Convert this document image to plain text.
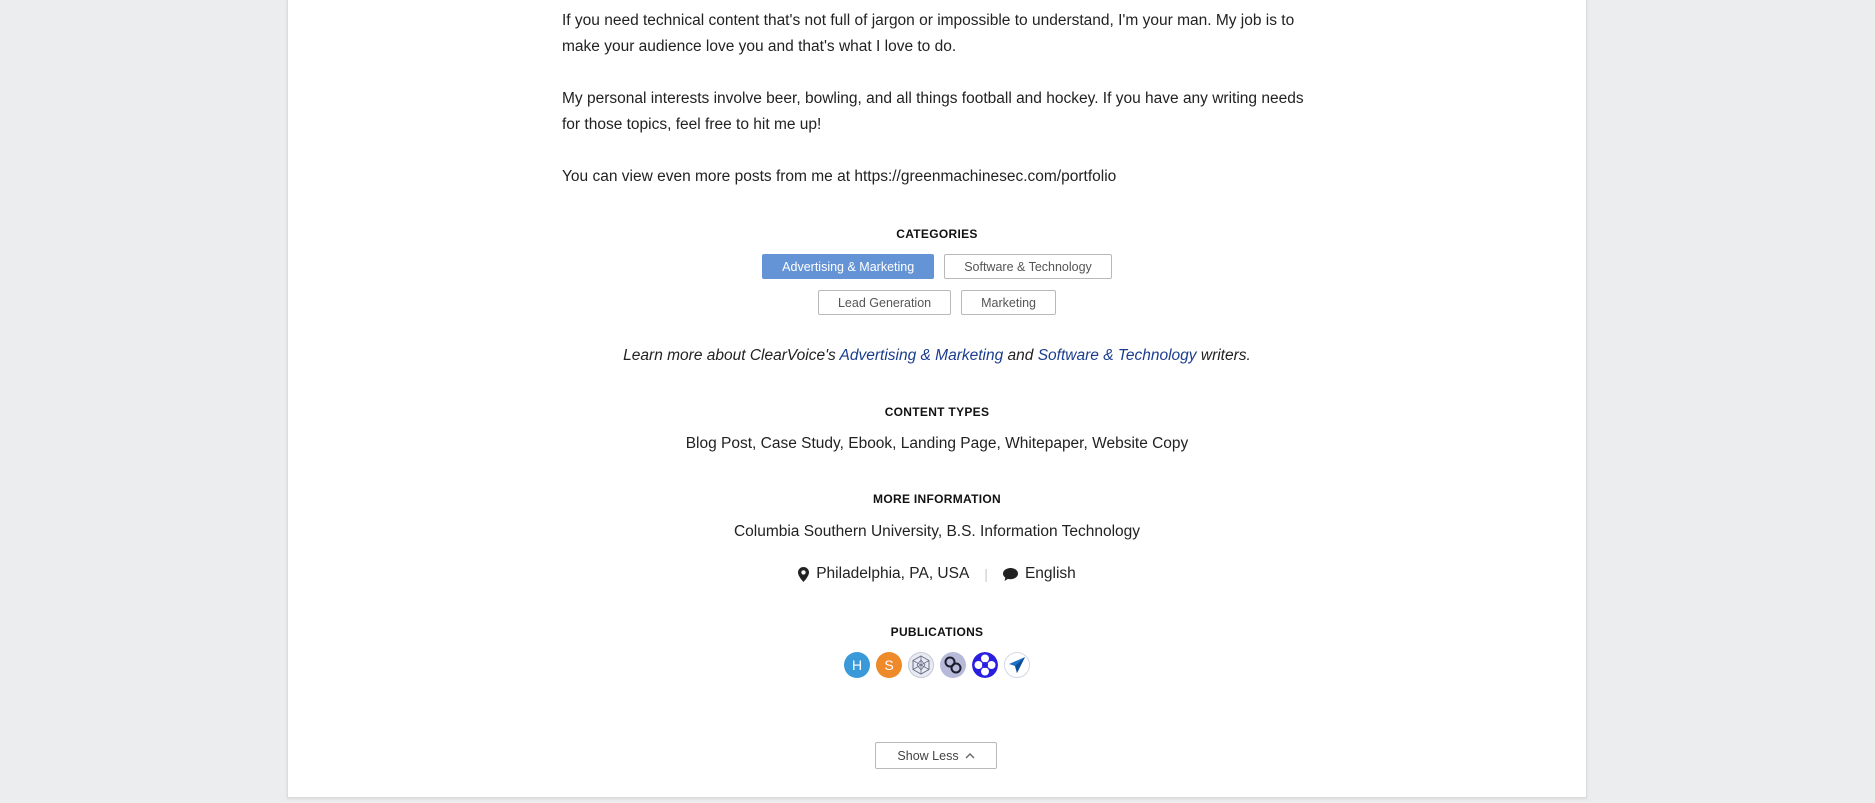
If you need technical content that's not full of jargon or impossible to understand, I'm your man. My job is to make your audience love you and that's what I love to do.

My personal interests involve beer, bowling, and all things football and hockey. If you have any writing needs for those topics, feel free to hit me up!

You can view even more posts from me at https://greenmachinesec.com/portfolio

CATEGORIES
Advertising & Marketing	Software & Technology
Lead Generation	Marketing
Learn more about ClearVoice's Advertising & Marketing and Software & Technology writers.
CONTENT TYPES
Blog Post, Case Study, Ebook, Landing Page, Whitepaper, Website Copy
MORE INFORMATION
Columbia Southern University, B.S. Information Technology
Philadelphia, PA, USA | English
PUBLICATIONS
H S
Show Less
